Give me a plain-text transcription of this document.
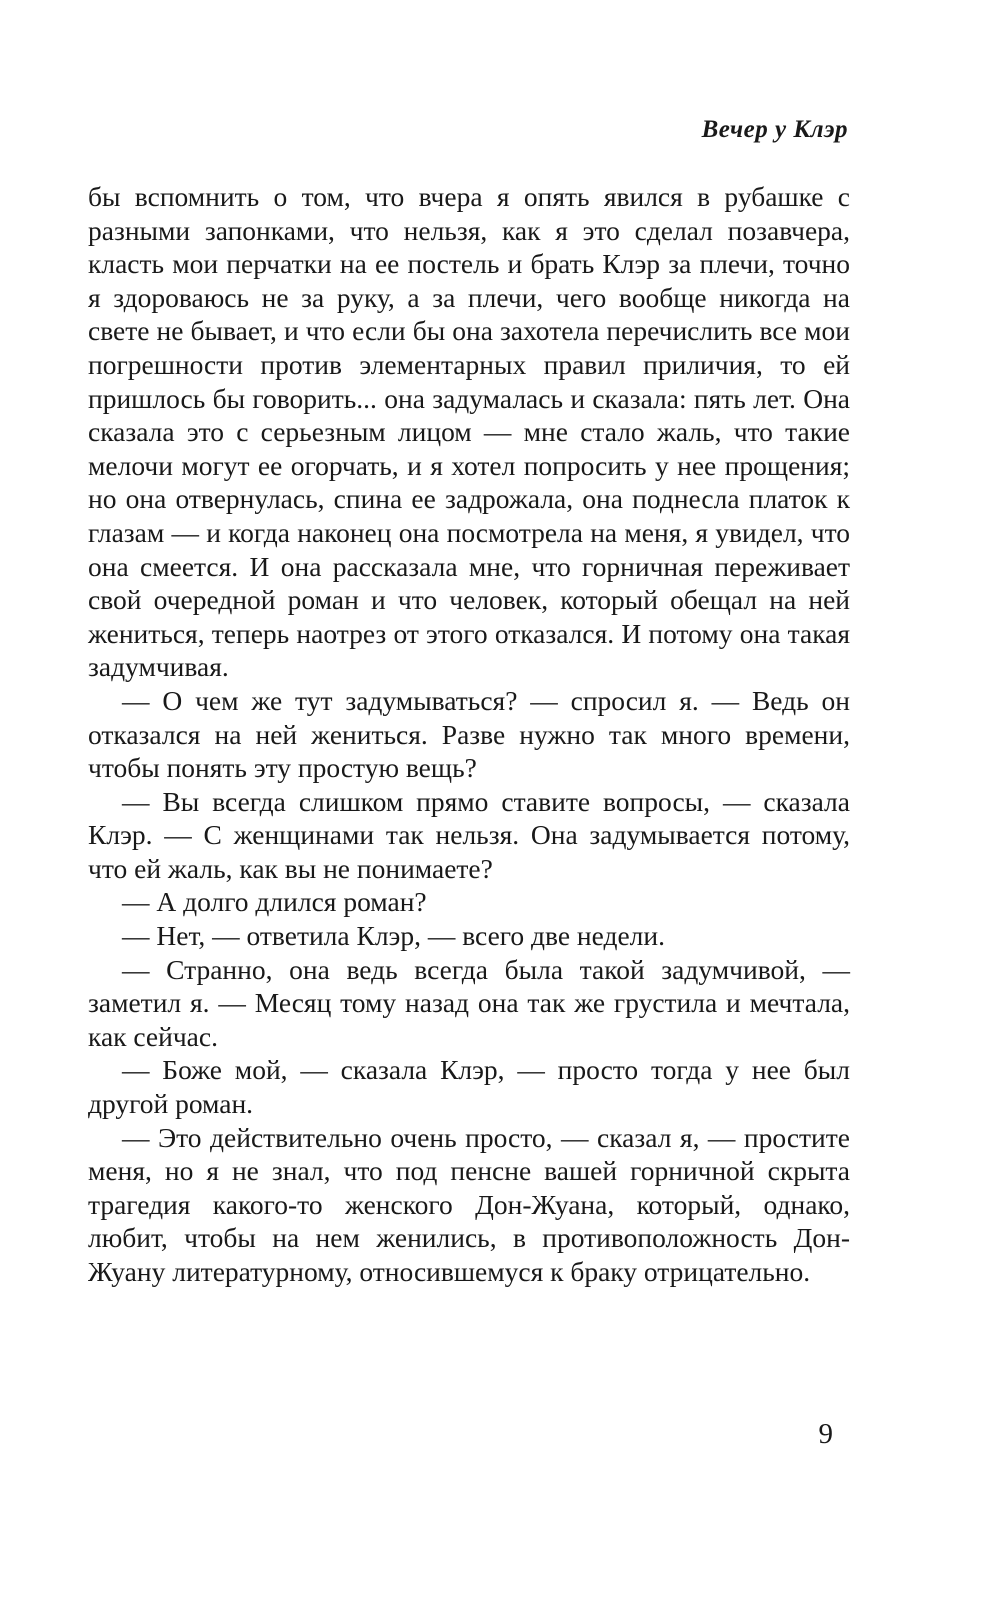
Вечер у Клэр

бы вспомнить о том, что вчера я опять явился в рубашке с разными запонками, что нельзя, как я это сделал позавчера, класть мои перчатки на ее постель и брать Клэр за плечи, точно я здороваюсь не за руку, а за плечи, чего вообще никогда на свете не бывает, и что если бы она захотела перечислить все мои погрешности против элементарных правил приличия, то ей пришлось бы говорить... она задумалась и сказала: пять лет. Она сказала это с серьезным лицом — мне стало жаль, что такие мелочи могут ее огорчать, и я хотел попросить у нее прощения; но она отвернулась, спина ее задрожала, она поднесла платок к глазам — и когда наконец она посмотрела на меня, я увидел, что она смеется. И она рассказала мне, что горничная переживает свой очередной роман и что человек, который обещал на ней жениться, теперь наотрез от этого отказался. И потому она такая задумчивая.

— О чем же тут задумываться? — спросил я. — Ведь он отказался на ней жениться. Разве нужно так много времени, чтобы понять эту простую вещь?

— Вы всегда слишком прямо ставите вопросы, — сказала Клэр. — С женщинами так нельзя. Она задумывается потому, что ей жаль, как вы не понимаете?

— А долго длился роман?

— Нет, — ответила Клэр, — всего две недели.

— Странно, она ведь всегда была такой задумчивой, — заметил я. — Месяц тому назад она так же грустила и мечтала, как сейчас.

— Боже мой, — сказала Клэр, — просто тогда у нее был другой роман.

— Это действительно очень просто, — сказал я, — простите меня, но я не знал, что под пенсне вашей горничной скрыта трагедия какого-то женского Дон-Жуана, который, однако, любит, чтобы на нем женились, в противоположность Дон-Жуану литературному, относившемуся к браку отрицательно.

9
